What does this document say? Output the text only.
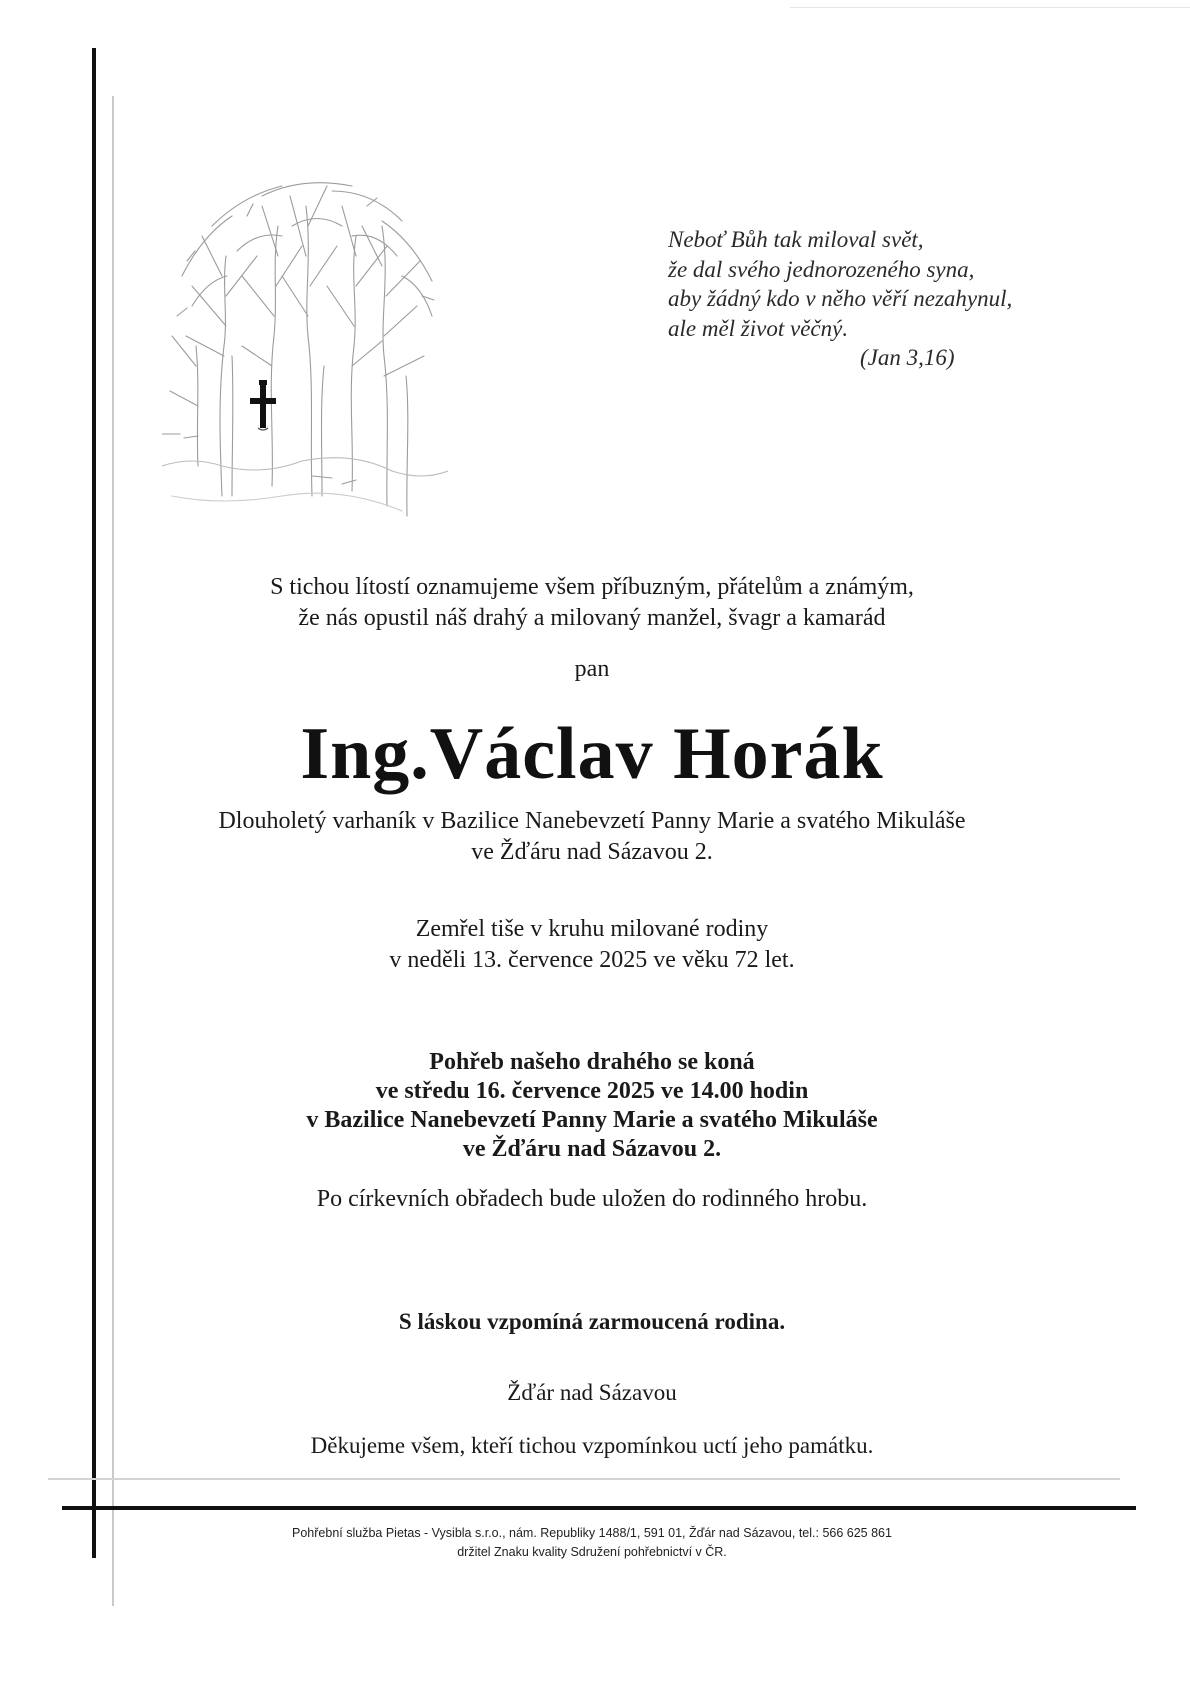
Neboť Bůh tak miloval svět,
že dal svého jednorozeného syna,
aby žádný kdo v něho věří nezahynul,
ale měl život věčný.
(Jan 3,16)
S tichou lítostí oznamujeme všem příbuzným, přátelům a známým,
že nás opustil náš drahý a milovaný manžel, švagr a kamarád
pan
Ing.Václav Horák
Dlouholetý varhaník v Bazilice Nanebevzetí Panny Marie a svatého Mikuláše
ve Žďáru nad Sázavou 2.
Zemřel tiše v kruhu milované rodiny
v neděli 13. července 2025 ve věku 72 let.
Pohřeb našeho drahého se koná
ve středu 16. července 2025 ve 14.00 hodin
v Bazilice Nanebevzetí Panny Marie a svatého Mikuláše
ve Žďáru nad Sázavou 2.
Po církevních obřadech bude uložen do rodinného hrobu.
S láskou vzpomíná zarmoucená rodina.
Žďár nad Sázavou
Děkujeme všem, kteří tichou vzpomínkou uctí jeho památku.
Pohřební služba Pietas - Vysibla s.r.o., nám. Republiky 1488/1, 591 01, Žďár nad Sázavou, tel.: 566 625 861
držitel Znaku kvality Sdružení pohřebnictví v ČR.
